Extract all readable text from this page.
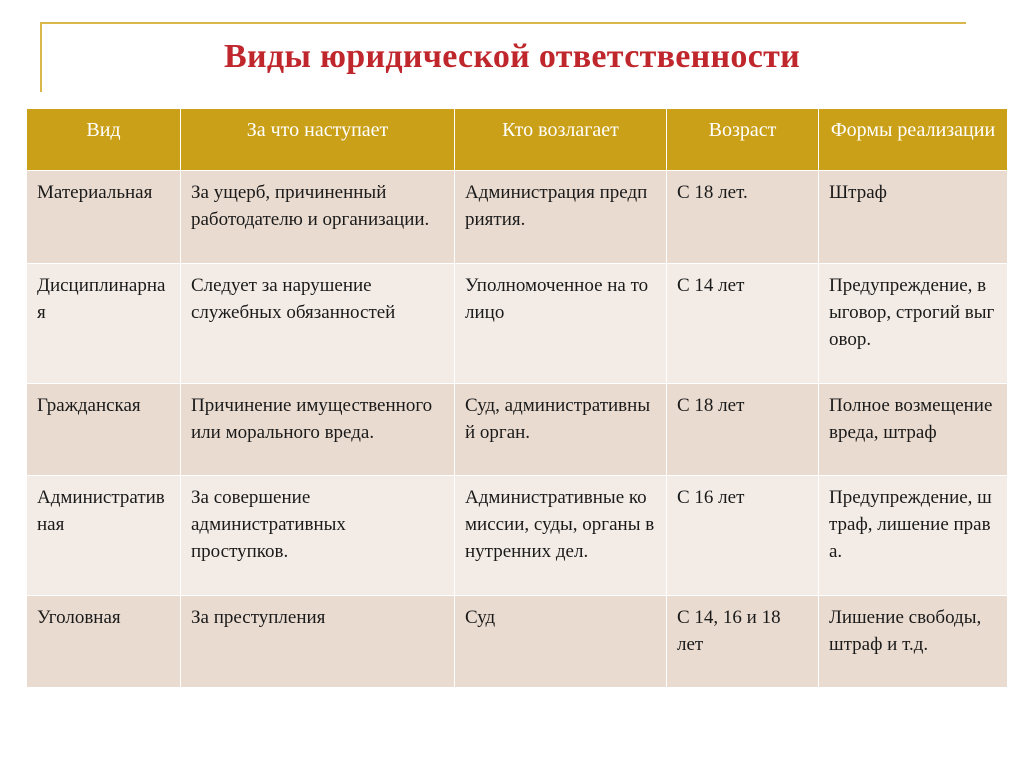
Виды юридической ответственности
Вид	За что наступает	Кто возлагает	Возраст	Формы реализации
Материальная	За ущерб, причиненный работодателю и организации.	Администрация предприятия.	С 18 лет.	Штраф
Дисциплинарная	Следует за нарушение служебных обязанностей	Уполномоченное на то лицо	С 14 лет	Предупреждение, выговор, строгий выговор.
Гражданская	Причинение имущественного или морального вреда.	Суд, административный орган.	С 18 лет	Полное возмещение вреда, штраф
Административная	За совершение административных проступков.	Административные комиссии, суды, органы внутренних дел.	С 16 лет	Предупреждение, штраф, лишение права.
Уголовная	За преступления	Суд	С 14, 16 и 18 лет	Лишение свободы, штраф и т.д.
